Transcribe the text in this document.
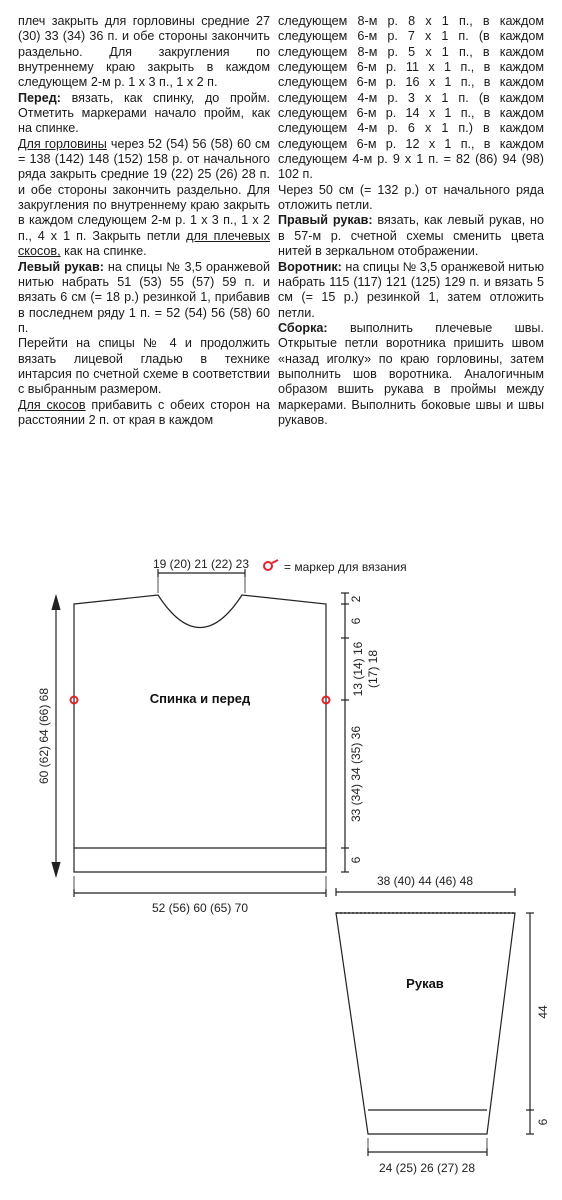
плеч закрыть для горловины средние 27 (30) 33 (34) 36 п. и обе стороны закончить раздельно. Для закругления по внутреннему краю закрыть в каждом следующем 2-м р. 1 х 3 п., 1 х 2 п.

Перед: вязать, как спинку, до пройм. Отметить маркерами начало пройм, как на спинке.

Для горловины через 52 (54) 56 (58) 60 см = 138 (142) 148 (152) 158 р. от начального ряда закрыть средние 19 (22) 25 (26) 28 п. и обе стороны закончить раздельно. Для закругления по внутреннему краю закрыть в каждом следующем 2-м р. 1 х 3 п., 1 х 2 п., 4 х 1 п. Закрыть петли для плечевых скосов, как на спинке.

Левый рукав: на спицы № 3,5 оранжевой нитью набрать 51 (53) 55 (57) 59 п. и вязать 6 см (= 18 р.) резинкой 1, прибавив в последнем ряду 1 п. = 52 (54) 56 (58) 60 п.

Перейти на спицы № 4 и продолжить вязать лицевой гладью в технике интарсия по счетной схеме в соответствии с выбранным размером.

Для скосов прибавить с обеих сторон на расстоянии 2 п. от края в каждом

следующем 8-м р. 8 х 1 п., в каждом следующем 6-м р. 7 х 1 п. (в каждом следующем 8-м р. 5 х 1 п., в каждом следующем 6-м р. 11 х 1 п., в каждом следующем 6-м р. 16 х 1 п., в каждом следующем 4-м р. 3 х 1 п. (в каждом следующем 6-м р. 14 х 1 п., в каждом следующем 4-м р. 6 х 1 п.) в каждом следующем 6-м р. 12 х 1 п., в каждом следующем 4-м р. 9 х 1 п. = 82 (86) 94 (98) 102 п.

Через 50 см (= 132 р.) от начального ряда отложить петли.

Правый рукав: вязать, как левый рукав, но в 57-м р. счетной схемы сменить цвета нитей в зеркальном отображении.

Воротник: на спицы № 3,5 оранжевой нитью набрать 115 (117) 121 (125) 129 п. и вязать 5 см (= 15 р.) резинкой 1, затем отложить петли.

Сборка: выполнить плечевые швы. Открытые петли воротника пришить швом «назад иголку» по краю горловины, затем выполнить шов воротника. Аналогичным образом вшить рукава в проймы между маркерами. Выполнить боковые швы и швы рукавов.

= маркер для вязания
19 (20) 21 (22) 23
Спинка и перед
52 (56) 60 (65) 70
60 (62) 64 (66) 68
2
6
13 (14) 16 (17) 18
33 (34) 34 (35) 36
6
38 (40) 44 (46) 48
Рукав
44
6
24 (25) 26 (27) 28
